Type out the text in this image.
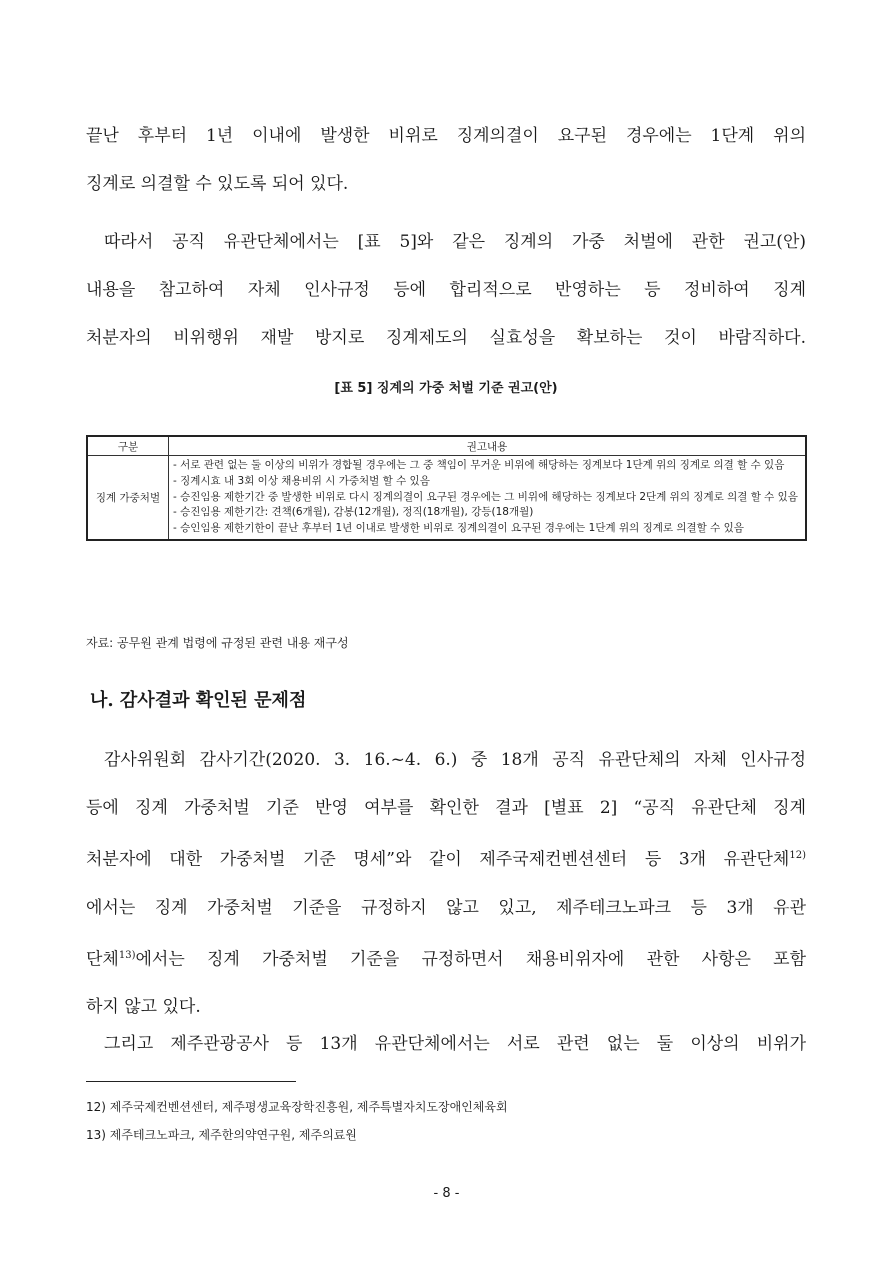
끝난 후부터 1년 이내에 발생한 비위로 징계의결이 요구된 경우에는 1단계 위의
징계로 의결할 수 있도록 되어 있다.

따라서 공직 유관단체에서는 [표 5]와 같은 징계의 가중 처벌에 관한 권고(안)
내용을 참고하여 자체 인사규정 등에 합리적으로 반영하는 등 정비하여 징계
처분자의 비위행위 재발 방지로 징계제도의 실효성을 확보하는 것이 바람직하다.

[표 5] 징계의 가중 처벌 기준 권고(안)
구분	권고내용
징계 가중처벌	- 서로 관련 없는 둘 이상의 비위가 경합될 경우에는 그 중 책임이 무거운 비위에 해당하는 징계보다 1단계 위의 징계로 의결 할 수 있음
- 징계시효 내 3회 이상 채용비위 시 가중처벌 할 수 있음
- 승진임용 제한기간 중 발생한 비위로 다시 징계의결이 요구된 경우에는 그 비위에 해당하는 징계보다 2단계 위의 징계로 의결 할 수 있음
- 승진임용 제한기간: 견책(6개월), 감봉(12개월), 정직(18개월), 강등(18개월)
- 승인임용 제한기한이 끝난 후부터 1년 이내로 발생한 비위로 징계의결이 요구된 경우에는 1단계 위의 징계로 의결할 수 있음
자료: 공무원 관계 법령에 규정된 관련 내용 재구성
나. 감사결과 확인된 문제점

감사위원회 감사기간(2020. 3. 16.~4. 6.) 중 18개 공직 유관단체의 자체 인사규정
등에 징계 가중처벌 기준 반영 여부를 확인한 결과 [별표 2] “공직 유관단체 징계
처분자에 대한 가중처벌 기준 명세”와 같이 제주국제컨벤션센터 등 3개 유관단체$^{12)}$
에서는 징계 가중처벌 기준을 규정하지 않고 있고, 제주테크노파크 등 3개 유관
단체$^{13)}$에서는 징계 가중처벌 기준을 규정하면서 채용비위자에 관한 사항은 포함
하지 않고 있다.

그리고 제주관광공사 등 13개 유관단체에서는 서로 관련 없는 둘 이상의 비위가

12) 제주국제컨벤션센터, 제주평생교육장학진흥원, 제주특별자치도장애인체육회
13) 제주테크노파크, 제주한의약연구원, 제주의료원
- 8 -
